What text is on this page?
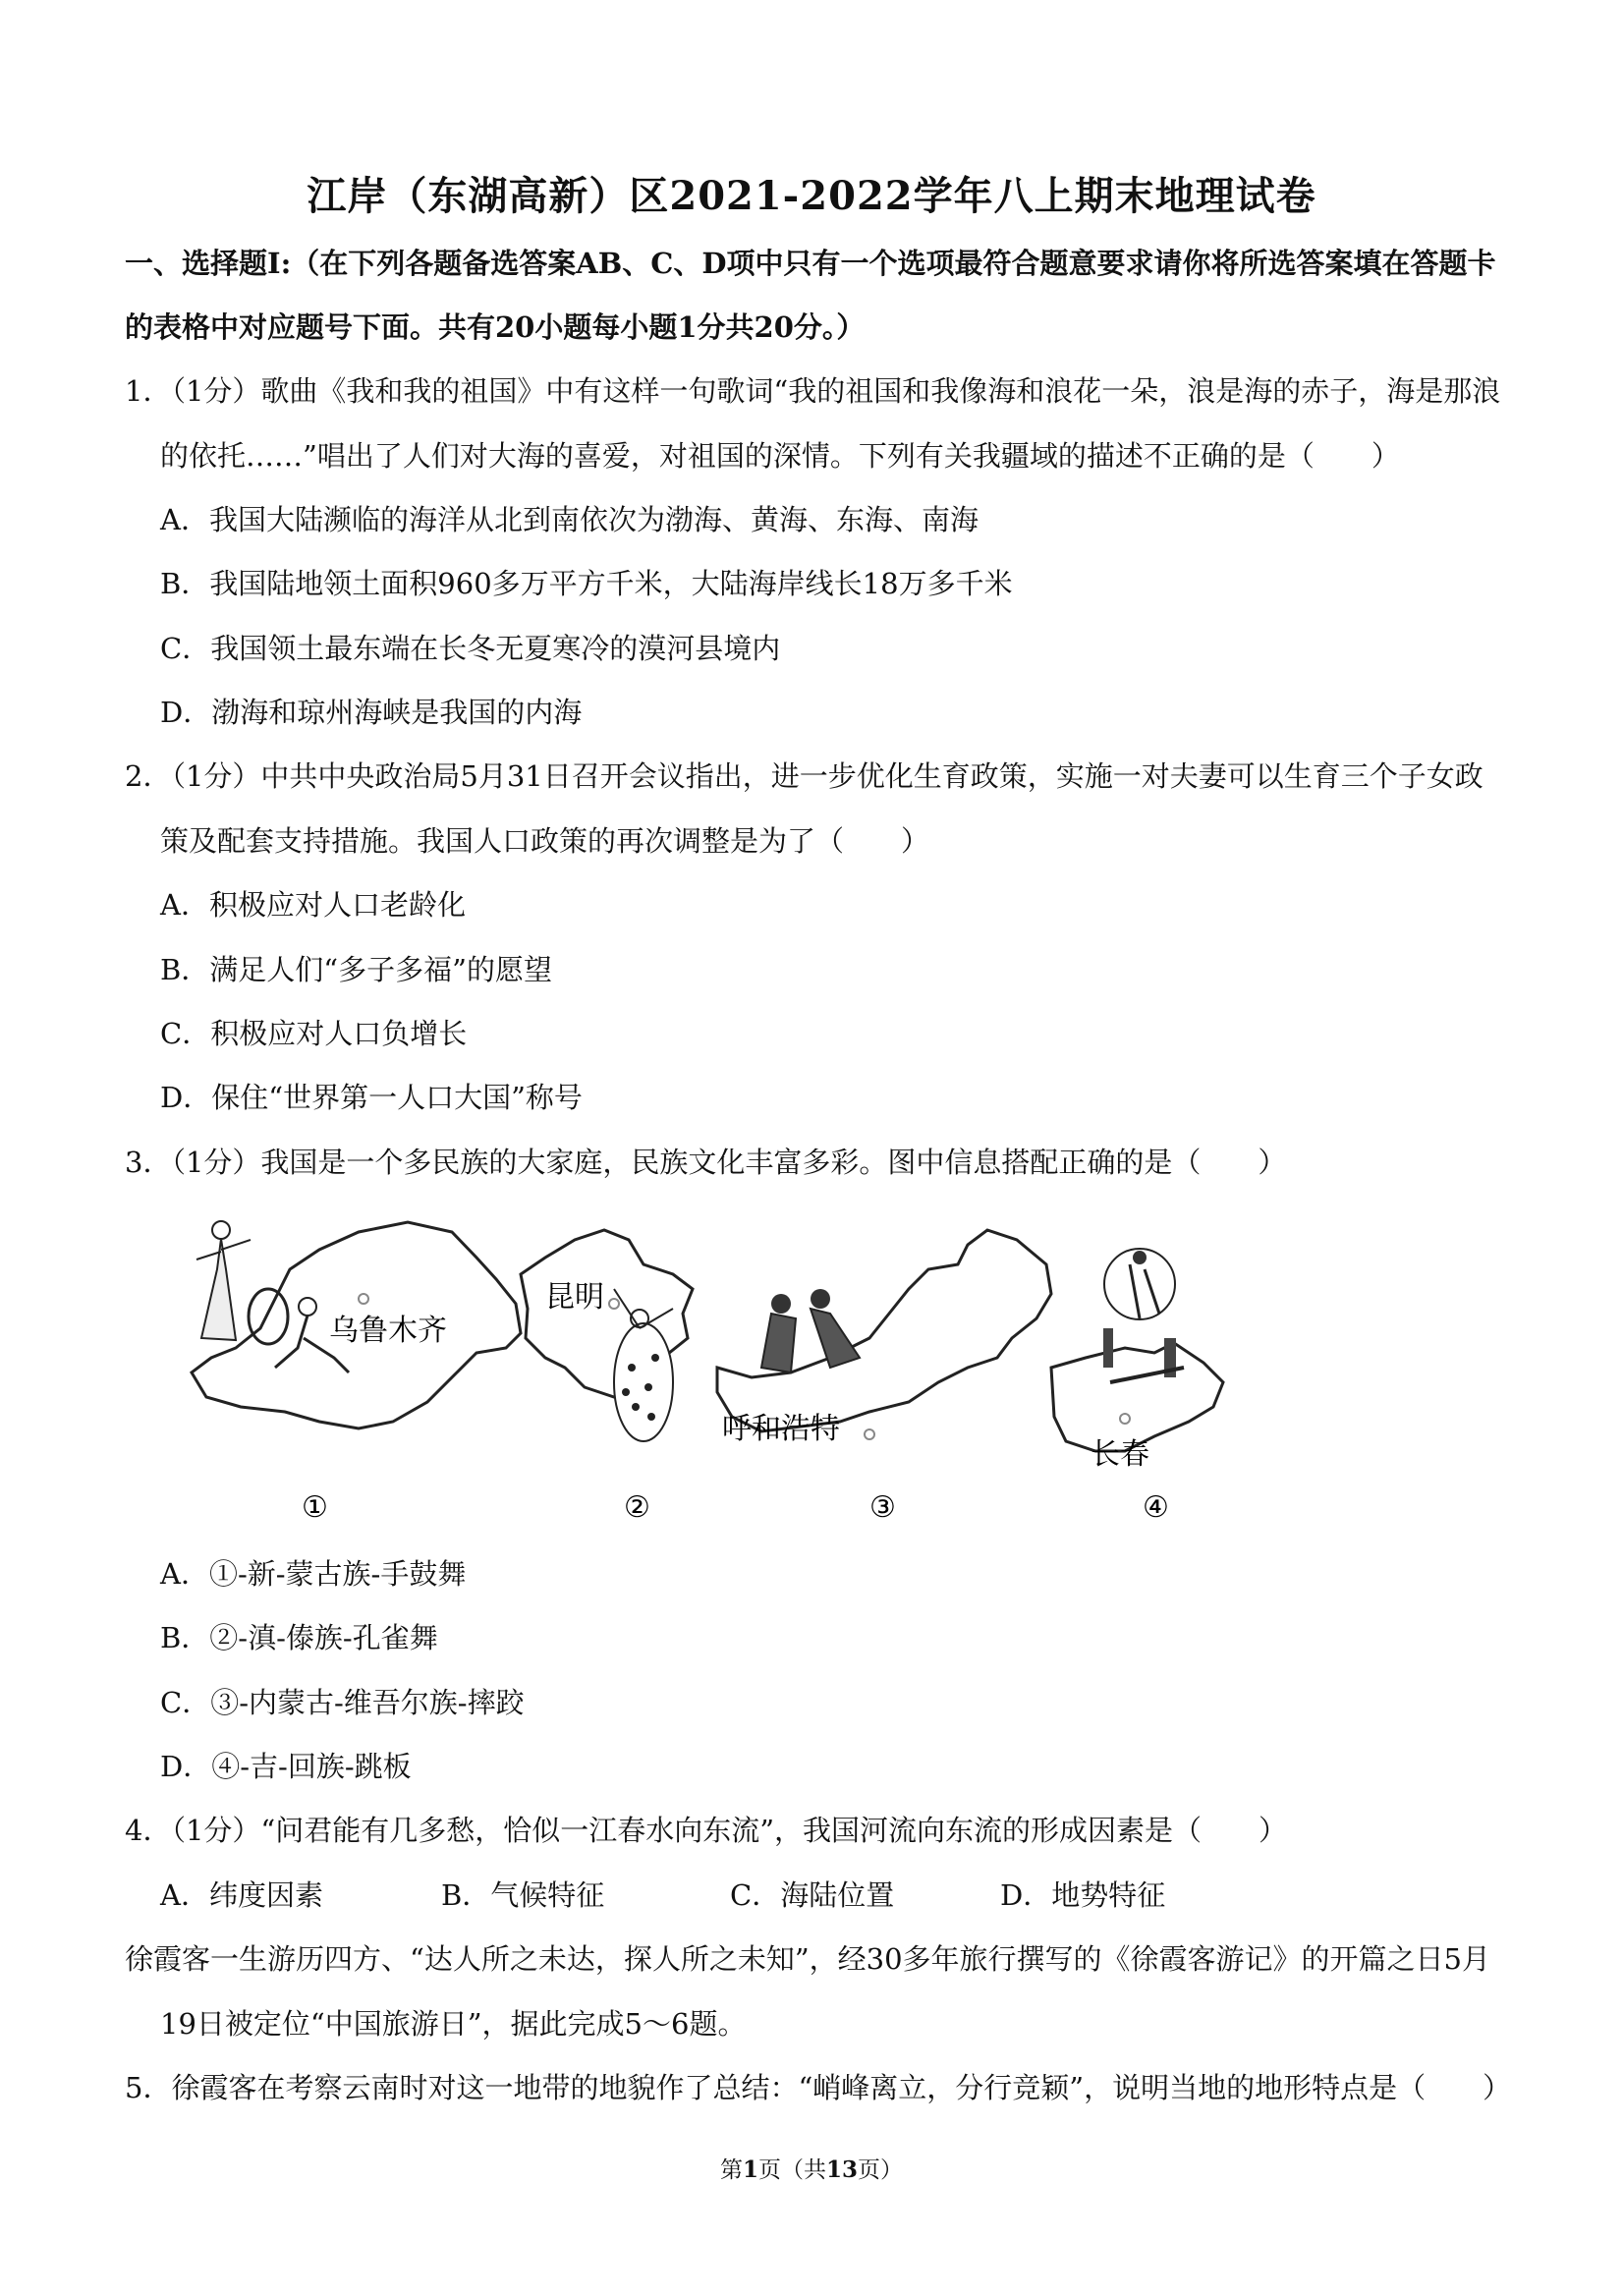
江岸（东湖高新）区2021-2022学年八上期末地理试卷
一、选择题I:（在下列各题备选答案AB、C、D项中只有一个选项最符合题意要求请你将所选答案填在答题卡
的表格中对应题号下面。共有20小题每小题1分共20分。）
1．（1分）歌曲《我和我的祖国》中有这样一句歌词“我的祖国和我像海和浪花一朵，浪是海的赤子，海是那浪
的依托……”唱出了人们对大海的喜爱，对祖国的深情。下列有关我疆域的描述不正确的是（　　）
A．我国大陆濒临的海洋从北到南依次为渤海、黄海、东海、南海
B．我国陆地领土面积960多万平方千米，大陆海岸线长18万多千米
C．我国领土最东端在长冬无夏寒冷的漠河县境内
D．渤海和琼州海峡是我国的内海
2．（1分）中共中央政治局5月31日召开会议指出，进一步优化生育政策，实施一对夫妻可以生育三个子女政
策及配套支持措施。我国人口政策的再次调整是为了（　　）
A．积极应对人口老龄化
B．满足人们“多子多福”的愿望
C．积极应对人口负增长
D．保住“世界第一人口大国”称号
3．（1分）我国是一个多民族的大家庭，民族文化丰富多彩。图中信息搭配正确的是（　　）
乌鲁木齐
昆明
呼和浩特
长春
①	②	③	④
A．①-新-蒙古族-手鼓舞
B．②-滇-傣族-孔雀舞
C．③-内蒙古-维吾尔族-摔跤
D．④-吉-回族-跳板
4．（1分）“问君能有几多愁，恰似一江春水向东流”，我国河流向东流的形成因素是（　　）
A．纬度因素	B．气候特征	C．海陆位置	D．地势特征
徐霞客一生游历四方、“达人所之未达，探人所之未知”，经30多年旅行撰写的《徐霞客游记》的开篇之日5月
19日被定位“中国旅游日”，据此完成5～6题。
5．徐霞客在考察云南时对这一地带的地貌作了总结：“峭峰离立，分行竞颖”，说明当地的地形特点是（　　）
第1页（共13页）
